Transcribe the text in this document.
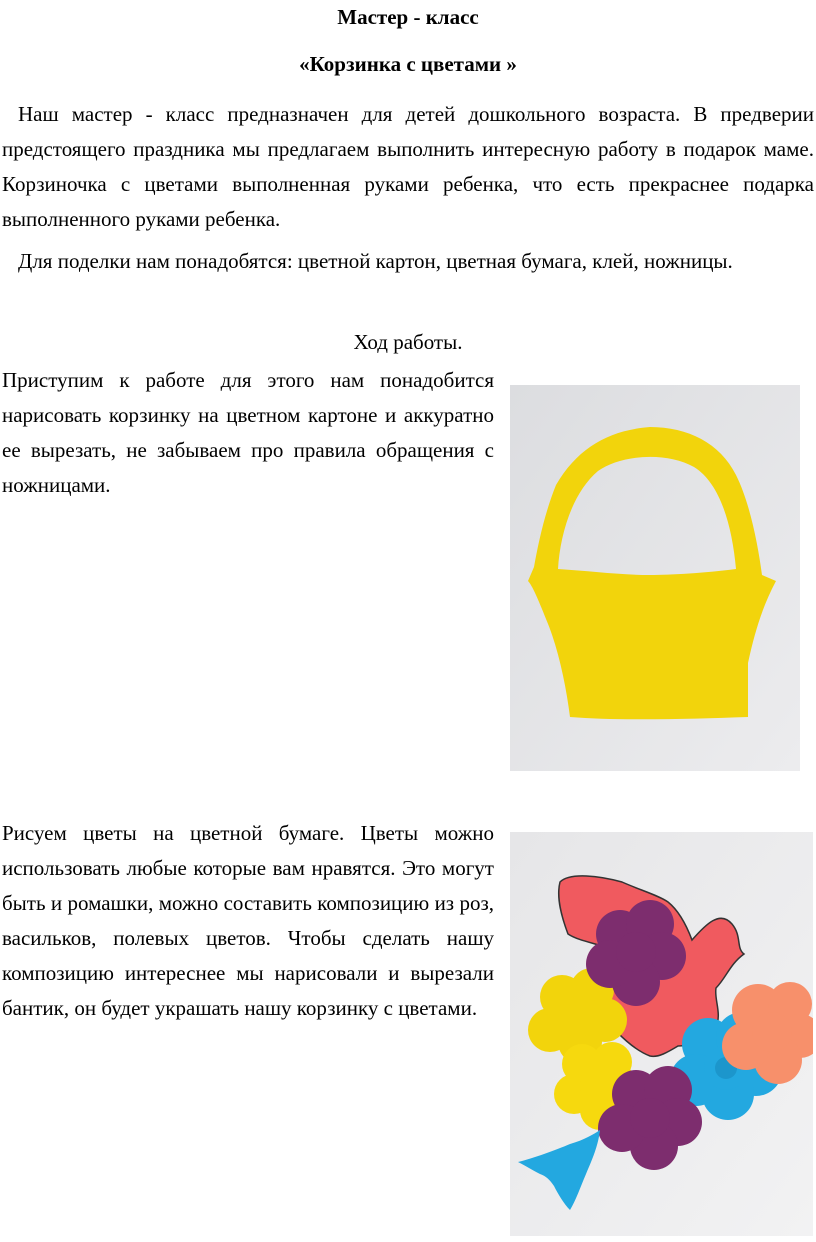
Мастер - класс
«Корзинка с цветами »
Наш мастер - класс предназначен для детей дошкольного возраста. В предверии предстоящего праздника мы предлагаем выполнить интересную работу в подарок маме. Корзиночка с цветами выполненная руками ребенка, что есть прекраснее подарка выполненного руками ребенка.
Для поделки нам понадобятся: цветной картон, цветная бумага, клей, ножницы.
Ход работы.
Приступим к работе для этого нам понадобится нарисовать корзинку на цветном картоне и аккуратно ее вырезать, не забываем про правила обращения с ножницами.
Рисуем цветы на цветной бумаге. Цветы можно использовать любые которые вам нравятся. Это могут быть и ромашки, можно составить композицию из роз, васильков, полевых цветов. Чтобы сделать нашу композицию интереснее мы нарисовали и вырезали бантик, он будет украшать нашу корзинку с цветами.
